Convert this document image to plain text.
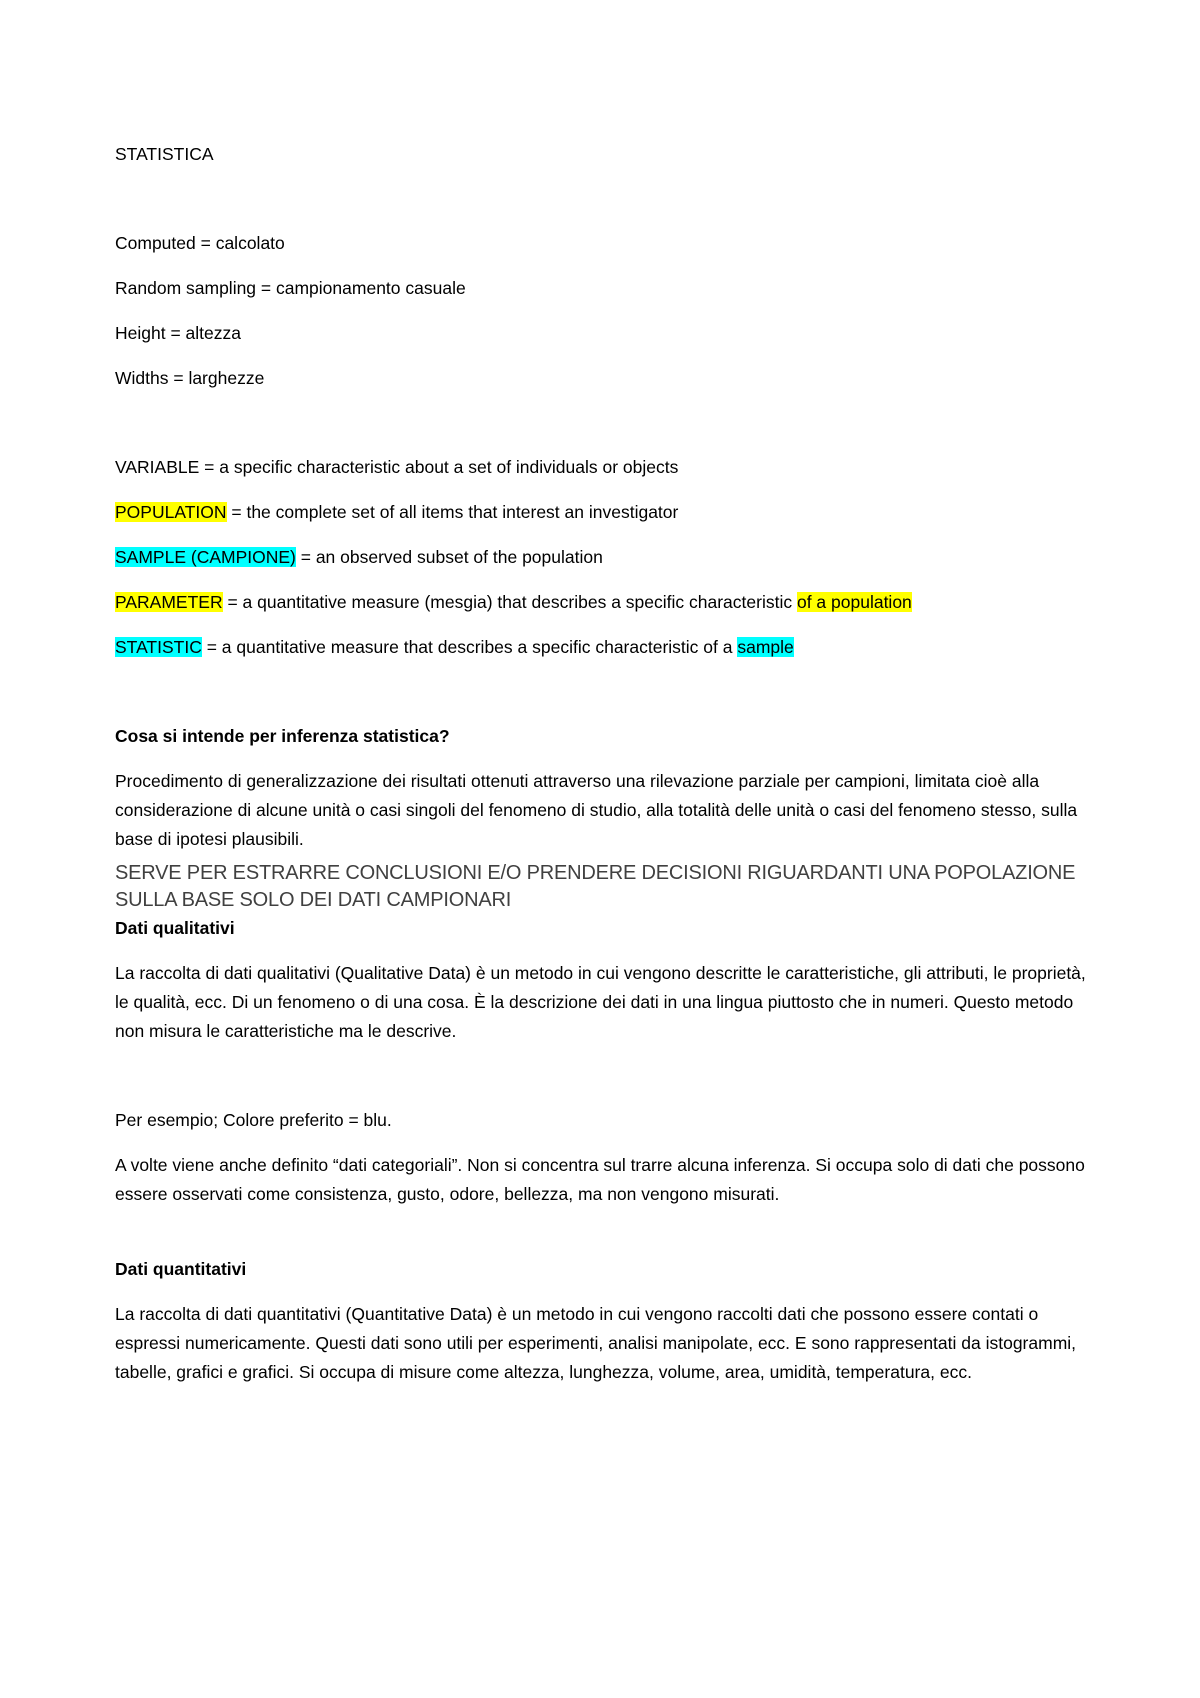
STATISTICA

Computed = calcolato

Random sampling = campionamento casuale

Height = altezza

Widths = larghezze

VARIABLE = a specific characteristic about a set of individuals or objects

POPULATION = the complete set of all items that interest an investigator

SAMPLE (CAMPIONE) = an observed subset of the population

PARAMETER = a quantitative measure (mesgia) that describes a specific characteristic of a population

STATISTIC = a quantitative measure that describes a specific characteristic of a sample

Cosa si intende per inferenza statistica?

Procedimento di generalizzazione dei risultati ottenuti attraverso una rilevazione parziale per campioni, limitata cioè alla considerazione di alcune unità o casi singoli del fenomeno di studio, alla totalità delle unità o casi del fenomeno stesso, sulla base di ipotesi plausibili.

SERVE PER ESTRARRE CONCLUSIONI E/O PRENDERE DECISIONI RIGUARDANTI UNA POPOLAZIONE SULLA BASE SOLO DEI DATI CAMPIONARI

Dati qualitativi

La raccolta di dati qualitativi (Qualitative Data) è un metodo in cui vengono descritte le caratteristiche, gli attributi, le proprietà, le qualità, ecc. Di un fenomeno o di una cosa. È la descrizione dei dati in una lingua piuttosto che in numeri. Questo metodo non misura le caratteristiche ma le descrive.

Per esempio; Colore preferito = blu.

A volte viene anche definito “dati categoriali”. Non si concentra sul trarre alcuna inferenza. Si occupa solo di dati che possono essere osservati come consistenza, gusto, odore, bellezza, ma non vengono misurati.

Dati quantitativi

La raccolta di dati quantitativi (Quantitative Data) è un metodo in cui vengono raccolti dati che possono essere contati o espressi numericamente. Questi dati sono utili per esperimenti, analisi manipolate, ecc. E sono rappresentati da istogrammi, tabelle, grafici e grafici. Si occupa di misure come altezza, lunghezza, volume, area, umidità, temperatura, ecc.
